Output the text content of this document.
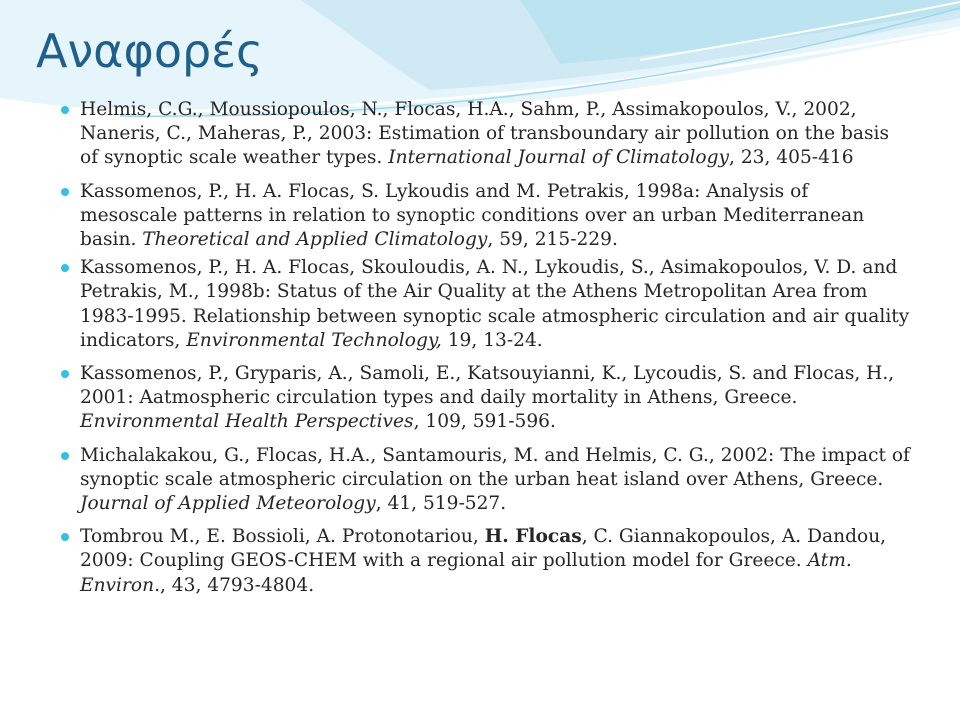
Αναφορές
Helmis, C.G., Moussiopoulos, N., Flocas, H.A., Sahm, P., Assimakopoulos, V., 2002, Naneris, C., Maheras, P., 2003: Estimation of transboundary air pollution on the basis of synoptic scale weather types. International Journal of Climatology, 23, 405-416
Kassomenos, P., H. A. Flocas, S. Lykoudis and M. Petrakis, 1998a: Analysis of mesoscale patterns in relation to synoptic conditions over an urban Mediterranean basin. Theoretical and Applied Climatology, 59, 215-229.
Kassomenos, P., H. A. Flocas, Skouloudis, A. N., Lykoudis, S., Asimakopoulos, V. D. and Petrakis, M., 1998b: Status of the Air Quality at the Athens Metropolitan Area from 1983-1995. Relationship between synoptic scale atmospheric circulation and air quality indicators, Environmental Technology, 19, 13-24.
Kassomenos, P., Gryparis, A., Samoli, E., Katsouyianni, K., Lycoudis, S. and Flocas, H., 2001: Aatmospheric circulation types and daily mortality in Athens, Greece. Environmental Health Perspectives, 109, 591-596.
Michalakakou, G., Flocas, H.A., Santamouris, M. and Helmis, C. G., 2002: The impact of synoptic scale atmospheric circulation on the urban heat island over Athens, Greece. Journal of Applied Meteorology, 41, 519-527.
Tombrou M., E. Bossioli, A. Protonotariou, H. Flocas, C. Giannakopoulos, A. Dandou, 2009: Coupling GEOS-CHEM with a regional air pollution model for Greece. Atm. Environ., 43, 4793-4804.
